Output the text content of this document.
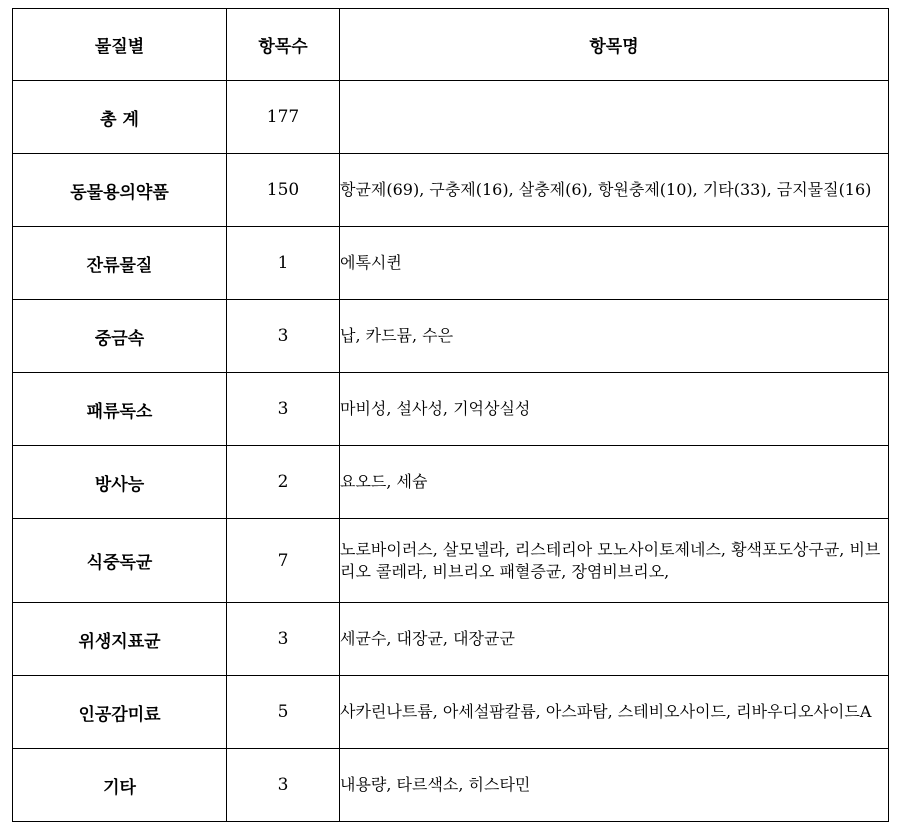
물질별	항목수	항목명
총 계	177	
동물용의약품	150	항균제(69), 구충제(16), 살충제(6), 항원충제(10), 기타(33), 금지물질(16)
잔류물질	1	에톡시퀸
중금속	3	납, 카드뮴, 수은
패류독소	3	마비성, 설사성, 기억상실성
방사능	2	요오드, 세슘
식중독균	7	노로바이러스, 살모넬라, 리스테리아 모노사이토제네스, 황색포도상구균, 비브리오 콜레라, 비브리오 패혈증균, 장염비브리오,
위생지표균	3	세균수, 대장균, 대장균군
인공감미료	5	사카린나트륨, 아세설팜칼륨, 아스파탐, 스테비오사이드, 리바우디오사이드A
기타	3	내용량, 타르색소, 히스타민
